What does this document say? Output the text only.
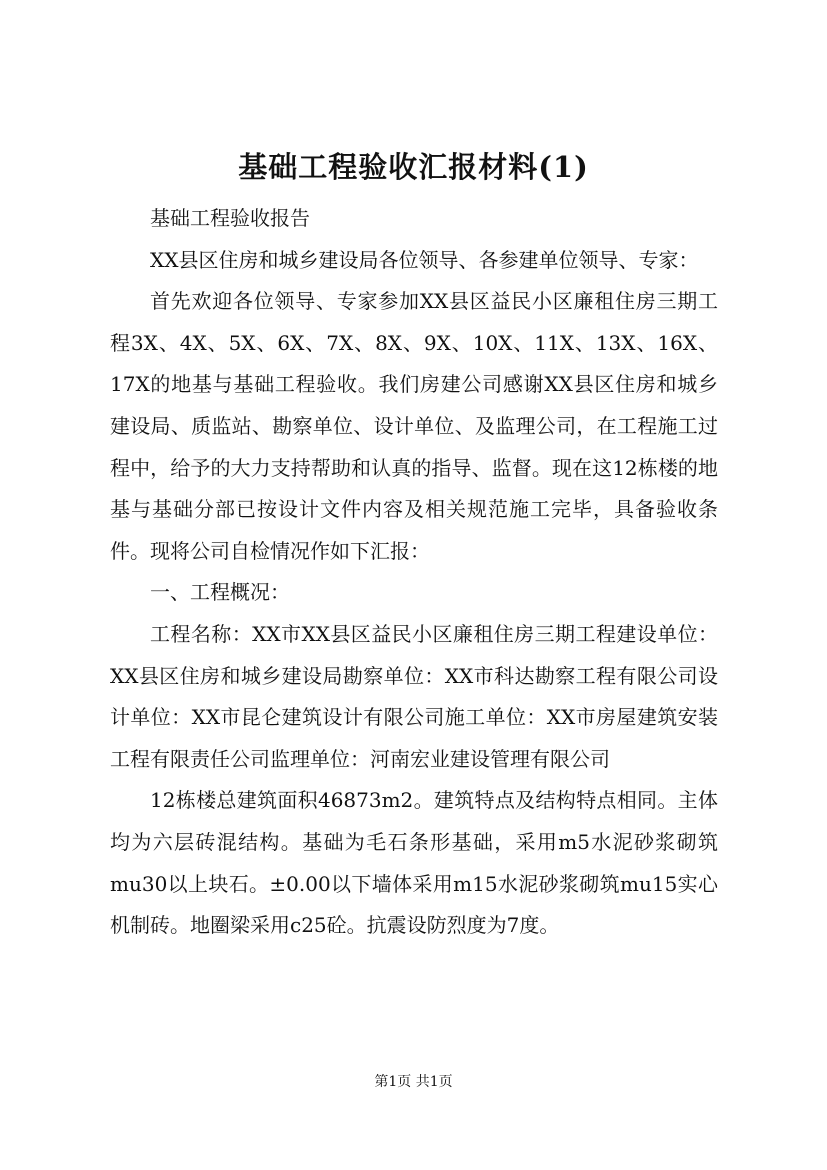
基础工程验收汇报材料(1)

基础工程验收报告

XX县区住房和城乡建设局各位领导、各参建单位领导、专家：

首先欢迎各位领导、专家参加XX县区益民小区廉租住房三期工程3X、4X、5X、6X、7X、8X、9X、10X、11X、13X、16X、17X的地基与基础工程验收。我们房建公司感谢XX县区住房和城乡建设局、质监站、勘察单位、设计单位、及监理公司，在工程施工过程中，给予的大力支持帮助和认真的指导、监督。现在这12栋楼的地基与基础分部已按设计文件内容及相关规范施工完毕，具备验收条件。现将公司自检情况作如下汇报：

一、工程概况：

工程名称：XX市XX县区益民小区廉租住房三期工程建设单位：XX县区住房和城乡建设局勘察单位：XX市科达勘察工程有限公司设计单位：XX市昆仑建筑设计有限公司施工单位：XX市房屋建筑安装工程有限责任公司监理单位：河南宏业建设管理有限公司

12栋楼总建筑面积46873m2。建筑特点及结构特点相同。主体均为六层砖混结构。基础为毛石条形基础，采用m5水泥砂浆砌筑mu30以上块石。±0.00以下墙体采用m15水泥砂浆砌筑mu15实心机制砖。地圈梁采用c25砼。抗震设防烈度为7度。

第1页 共1页
